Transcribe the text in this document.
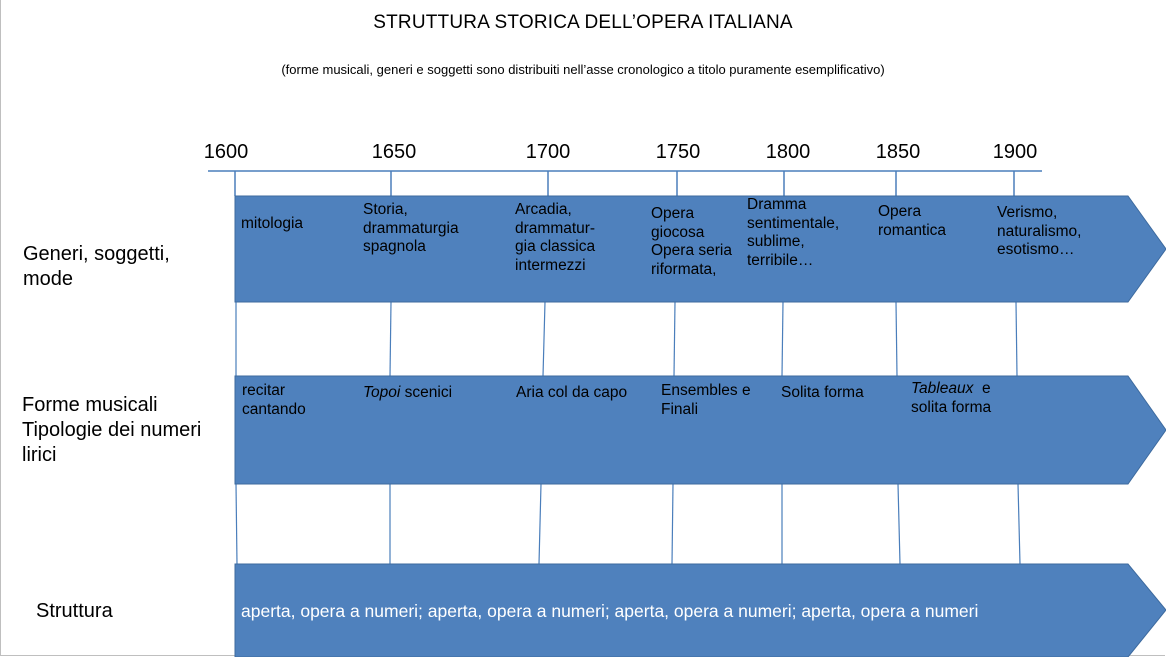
STRUTTURA STORICA DELL’OPERA ITALIANA
(forme musicali, generi e soggetti sono distribuiti nell’asse cronologico a titolo puramente esemplificativo)
1600	1650	1700	1750	1800	1850	1900
Generi, soggetti,
mode
Forme musicali
Tipologie dei numeri
lirici
Struttura
mitologia
Storia,
drammaturgia
spagnola
Arcadia,
drammatur-
gia classica
intermezzi
Opera
giocosa
Opera seria
riformata,
Dramma
sentimentale,
sublime,
terribile…
Opera
romantica
Verismo,
naturalismo,
esotismo…
recitar
cantando
Topoi scenici	Aria col da capo Ensembles e
Finali
Solita forma	Tableaux  e
solita forma
aperta, opera a numeri; aperta, opera a numeri; aperta, opera a numeri; aperta, opera a numeri
